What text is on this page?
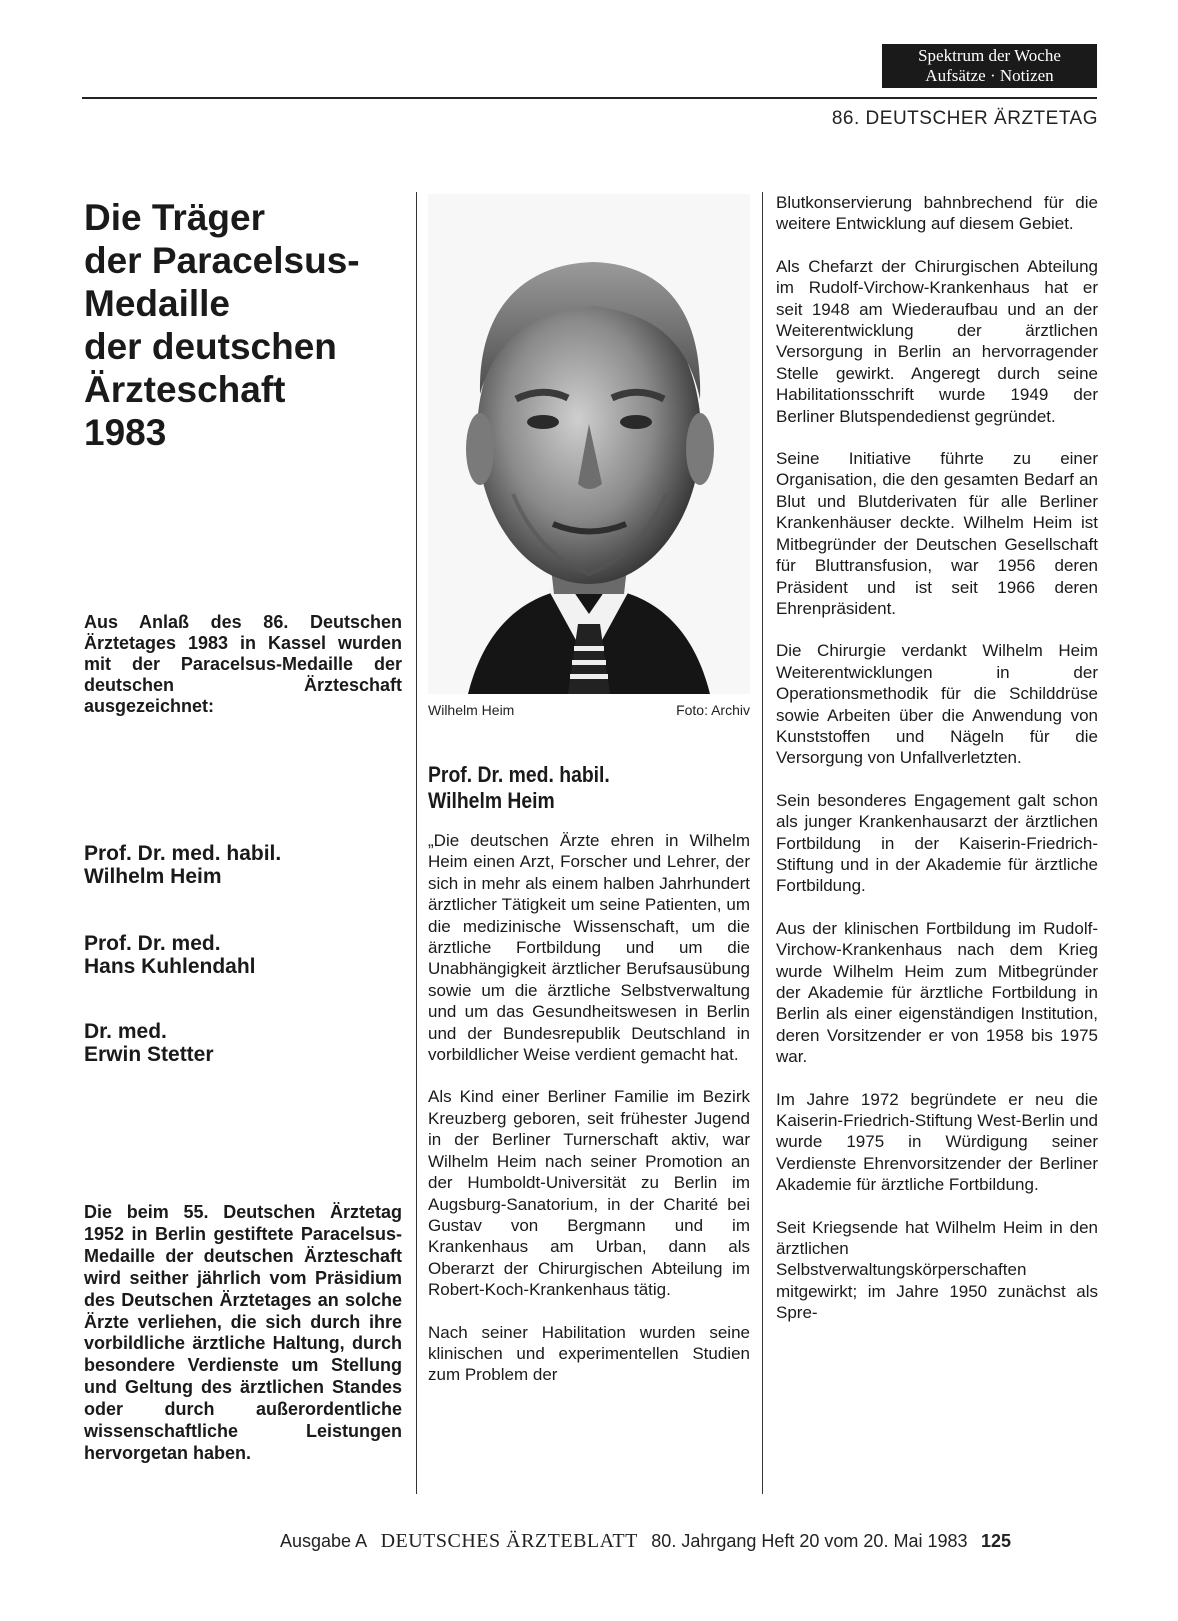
Spektrum der Woche
Aufsätze · Notizen
86. DEUTSCHER ÄRZTETAG
Die Träger
der Paracelsus-
Medaille
der deutschen
Ärzteschaft
1983
Aus Anlaß des 86. Deutschen Ärztetages 1983 in Kassel wurden mit der Paracelsus-Medaille der deutschen Ärzteschaft ausgezeichnet:
Prof. Dr. med. habil.
Wilhelm Heim
Prof. Dr. med.
Hans Kuhlendahl
Dr. med.
Erwin Stetter
Die beim 55. Deutschen Ärztetag 1952 in Berlin gestiftete Paracelsus-Medaille der deutschen Ärzteschaft wird seither jährlich vom Präsidium des Deutschen Ärztetages an solche Ärzte verliehen, die sich durch ihre vorbildliche ärztliche Haltung, durch besondere Verdienste um Stellung und Geltung des ärztlichen Standes oder durch außerordentliche wissenschaftliche Leistungen hervorgetan haben.
Wilhelm Heim	Foto: Archiv
Prof. Dr. med. habil.
Wilhelm Heim

„Die deutschen Ärzte ehren in Wilhelm Heim einen Arzt, Forscher und Lehrer, der sich in mehr als einem halben Jahrhundert ärztlicher Tätigkeit um seine Patienten, um die medizinische Wissenschaft, um die ärztliche Fortbildung und um die Unabhängigkeit ärztlicher Berufsausübung sowie um die ärztliche Selbstverwaltung und um das Gesundheitswesen in Berlin und der Bundesrepublik Deutschland in vorbildlicher Weise verdient gemacht hat.

Als Kind einer Berliner Familie im Bezirk Kreuzberg geboren, seit frühester Jugend in der Berliner Turnerschaft aktiv, war Wilhelm Heim nach seiner Promotion an der Humboldt-Universität zu Berlin im Augsburg-Sanatorium, in der Charité bei Gustav von Bergmann und im Krankenhaus am Urban, dann als Oberarzt der Chirurgischen Abteilung im Robert-Koch-Krankenhaus tätig.

Nach seiner Habilitation wurden seine klinischen und experimentellen Studien zum Problem der

Blutkonservierung bahnbrechend für die weitere Entwicklung auf diesem Gebiet.

Als Chefarzt der Chirurgischen Abteilung im Rudolf-Virchow-Krankenhaus hat er seit 1948 am Wiederaufbau und an der Weiterentwicklung der ärztlichen Versorgung in Berlin an hervorragender Stelle gewirkt. Angeregt durch seine Habilitationsschrift wurde 1949 der Berliner Blutspendedienst gegründet.

Seine Initiative führte zu einer Organisation, die den gesamten Bedarf an Blut und Blutderivaten für alle Berliner Krankenhäuser deckte. Wilhelm Heim ist Mitbegründer der Deutschen Gesellschaft für Bluttransfusion, war 1956 deren Präsident und ist seit 1966 deren Ehrenpräsident.

Die Chirurgie verdankt Wilhelm Heim Weiterentwicklungen in der Operationsmethodik für die Schilddrüse sowie Arbeiten über die Anwendung von Kunststoffen und Nägeln für die Versorgung von Unfallverletzten.

Sein besonderes Engagement galt schon als junger Krankenhausarzt der ärztlichen Fortbildung in der Kaiserin-Friedrich-Stiftung und in der Akademie für ärztliche Fortbildung.

Aus der klinischen Fortbildung im Rudolf-Virchow-Krankenhaus nach dem Krieg wurde Wilhelm Heim zum Mitbegründer der Akademie für ärztliche Fortbildung in Berlin als einer eigenständigen Institution, deren Vorsitzender er von 1958 bis 1975 war.

Im Jahre 1972 begründete er neu die Kaiserin-Friedrich-Stiftung West-Berlin und wurde 1975 in Würdigung seiner Verdienste Ehrenvorsitzender der Berliner Akademie für ärztliche Fortbildung.

Seit Kriegsende hat Wilhelm Heim in den ärztlichen Selbstverwaltungskörperschaften mitgewirkt; im Jahre 1950 zunächst als Spre-

Ausgabe A DEUTSCHES ÄRZTEBLATT 80. Jahrgang Heft 20 vom 20. Mai 1983 125
